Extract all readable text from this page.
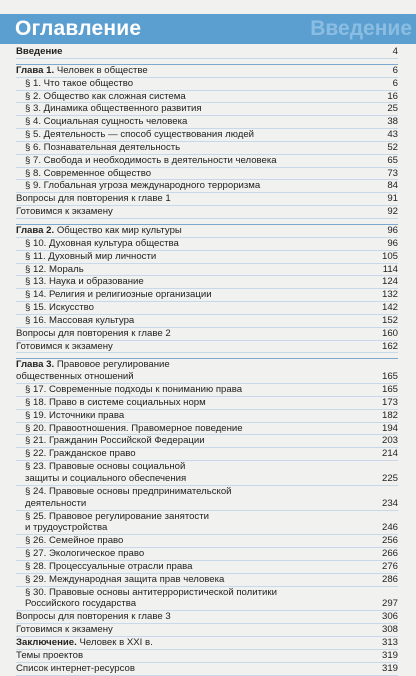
Оглавление	Введение
Введение	4
Глава 1. Человек в обществе	6
§ 1. Что такое общество	6
§ 2. Общество как сложная система	16
§ 3. Динамика общественного развития	25
§ 4. Социальная сущность человека	38
§ 5. Деятельность — способ существования людей	43
§ 6. Познавательная деятельность	52
§ 7. Свобода и необходимость в деятельности человека	65
§ 8. Современное общество	73
§ 9. Глобальная угроза международного терроризма	84
Вопросы для повторения к главе 1	91
Готовимся к экзамену	92
Глава 2. Общество как мир культуры	96
§ 10. Духовная культура общества	96
§ 11. Духовный мир личности	105
§ 12. Мораль	114
§ 13. Наука и образование	124
§ 14. Религия и религиозные организации	132
§ 15. Искусство	142
§ 16. Массовая культура	152
Вопросы для повторения к главе 2	160
Готовимся к экзамену	162
Глава 3. Правовое регулирование
общественных отношений	165
§ 17. Современные подходы к пониманию права	165
§ 18. Право в системе социальных норм	173
§ 19. Источники права	182
§ 20. Правоотношения. Правомерное поведение	194
§ 21. Гражданин Российской Федерации	203
§ 22. Гражданское право	214
§ 23. Правовые основы социальной
защиты и социального обеспечения	225
§ 24. Правовые основы предпринимательской
деятельности	234
§ 25. Правовое регулирование занятости
и трудоустройства	246
§ 26. Семейное право	256
§ 27. Экологическое право	266
§ 28. Процессуальные отрасли права	276
§ 29. Международная защита прав человека	286
§ 30. Правовые основы антитеррористической политики
Российского государства	297
Вопросы для повторения к главе 3	306
Готовимся к экзамену	308
Заключение. Человек в XXI в.	313
Темы проектов	319
Список интернет-ресурсов	319
